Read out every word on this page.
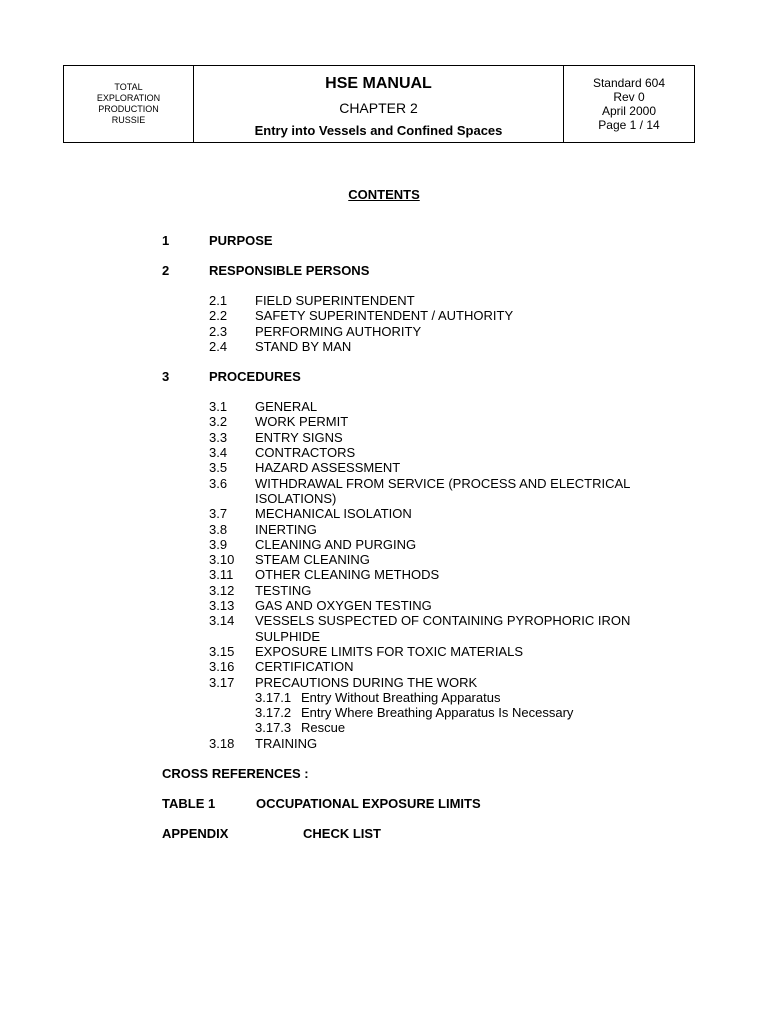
TOTAL
EXPLORATION
PRODUCTION
RUSSIE
HSE MANUAL
CHAPTER 2
Entry into Vessels and Confined Spaces
Standard 604
Rev 0
April 2000
Page 1 / 14
CONTENTS
1	PURPOSE
2	RESPONSIBLE PERSONS
2.1	FIELD SUPERINTENDENT
2.2	SAFETY SUPERINTENDENT / AUTHORITY
2.3	PERFORMING AUTHORITY
2.4	STAND BY MAN
3	PROCEDURES
3.1	GENERAL
3.2	WORK PERMIT
3.3	ENTRY SIGNS
3.4	CONTRACTORS
3.5	HAZARD ASSESSMENT
3.6	WITHDRAWAL FROM SERVICE (PROCESS AND ELECTRICAL ISOLATIONS)
3.7	MECHANICAL ISOLATION
3.8	INERTING
3.9	CLEANING AND PURGING
3.10	STEAM CLEANING
3.11	OTHER CLEANING METHODS
3.12	TESTING
3.13	GAS AND OXYGEN TESTING
3.14	VESSELS SUSPECTED OF CONTAINING PYROPHORIC IRON SULPHIDE
3.15	EXPOSURE LIMITS FOR TOXIC MATERIALS
3.16	CERTIFICATION
3.17	PRECAUTIONS DURING THE WORK
3.17.1 Entry Without Breathing Apparatus
3.17.2 Entry Where Breathing Apparatus Is Necessary
3.17.3 Rescue
3.18	TRAINING
CROSS REFERENCES :
TABLE 1	OCCUPATIONAL EXPOSURE LIMITS
APPENDIX	CHECK LIST
